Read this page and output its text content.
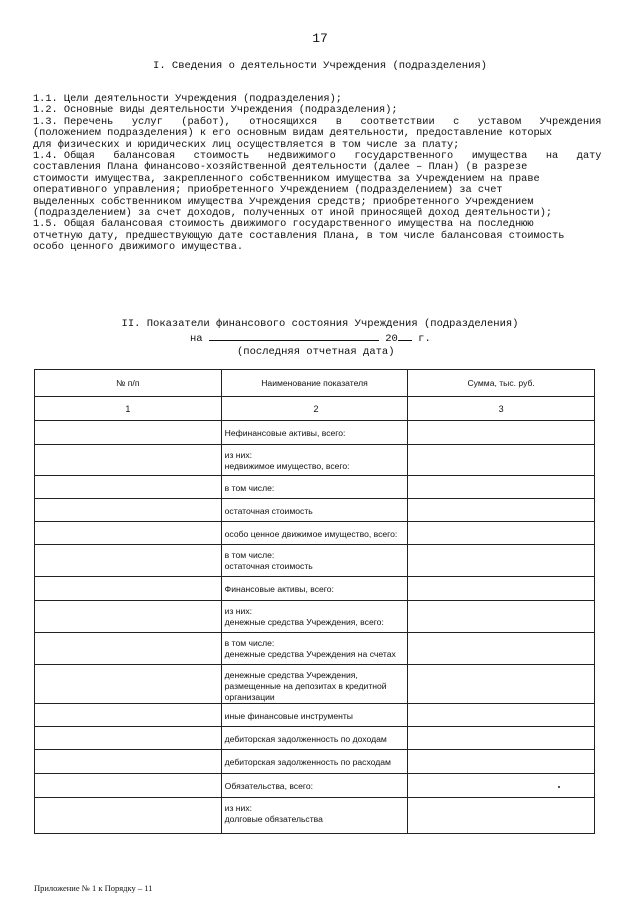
17
I. Сведения о деятельности Учреждения (подразделения)
1.1. Цели деятельности Учреждения (подразделения);
1.2. Основные виды деятельности Учреждения (подразделения);
1.3. Перечень   услуг   (работ),   относящихся   в   соответствии   с   уставом   Учреждения
(положением подразделения) к его основным видам деятельности, предоставление которых
для физических и юридических лиц осуществляется в том числе за плату;
1.4. Общая   балансовая   стоимость   недвижимого   государственного   имущества   на   дату
составления Плана финансово-хозяйственной деятельности (далее – План) (в разрезе
стоимости имущества, закрепленного собственником имущества за Учреждением на праве
оперативного управления; приобретенного Учреждением (подразделением) за счет
выделенных собственником имущества Учреждения средств; приобретенного Учреждением
(подразделением) за счет доходов, полученных от иной приносящей доход деятельности);
1.5. Общая балансовая стоимость движимого государственного имущества на последнюю
отчетную дату, предшествующую дате составления Плана, в том числе балансовая стоимость
особо ценного движимого имущества.
II. Показатели финансового состояния Учреждения (подразделения)
на	20 г.
(последняя отчетная дата)
№ п/п	Наименование показателя	Сумма, тыс. руб.
1	2	3

	Нефинансовые активы, всего:	

	из них:
недвижимое имущество, всего:	

	в том числе:	

	остаточная стоимость	

	особо ценное движимое имущество, всего:	

	в том числе:
остаточная стоимость	

	Финансовые активы, всего:	

	из них:
денежные средства Учреждения, всего:	

	в том числе:
денежные средства Учреждения на счетах	

	денежные средства Учреждения, размещенные на депозитах в кредитной
организации	

	иные финансовые инструменты	

	дебиторская задолженность по доходам	

	дебиторская задолженность по расходам	

	Обязательства, всего:	

	из них:
долговые обязательства	

Приложение № 1 к Порядку – 11
